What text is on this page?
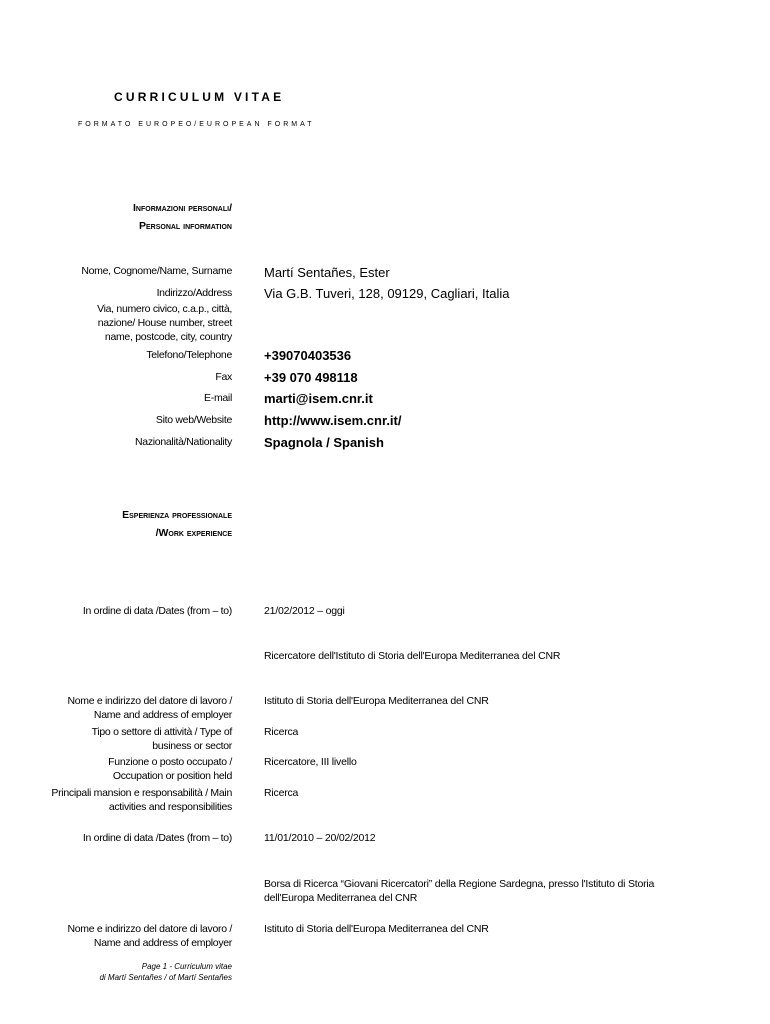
CURRICULUM VITAE
FORMATO EUROPEO/EUROPEAN FORMAT
Informazioni personali/
Personal information
Nome, Cognome/Name, Surname Martí Sentañes, Ester
Indirizzo/Address
Via, numero civico, c.a.p., città, nazione/ House number, street name, postcode, city, country
Via G.B. Tuveri, 128, 09129, Cagliari, Italia
Telefono/Telephone +39070403536
Fax +39 070 498118
E-mail marti@isem.cnr.it
Sito web/Website http://www.isem.cnr.it/
Nazionalità/Nationality Spagnola / Spanish
Esperienza professionale
/Work experience
In ordine di data /Dates (from – to)	21/02/2012 – oggi
Ricercatore dell'Istituto di Storia dell'Europa Mediterranea del CNR
Nome e indirizzo del datore di lavoro / Name and address of employer
Istituto di Storia dell'Europa Mediterranea del CNR
Tipo o settore di attività / Type of business or sector
Ricerca
Funzione o posto occupato / Occupation or position held
Ricercatore, III livello
Principali mansion e responsabilità / Main activities and responsibilities
Ricerca
In ordine di data /Dates (from – to)	11/01/2010 – 20/02/2012
Borsa di Ricerca “Giovani Ricercatori” della Regione Sardegna, presso l'Istituto di Storia dell'Europa Mediterranea del CNR
Nome e indirizzo del datore di lavoro / Name and address of employer
Istituto di Storia dell'Europa Mediterranea del CNR
Page 1 - Curriculum vitae
di Martí Sentañes / of Martí Sentañes
